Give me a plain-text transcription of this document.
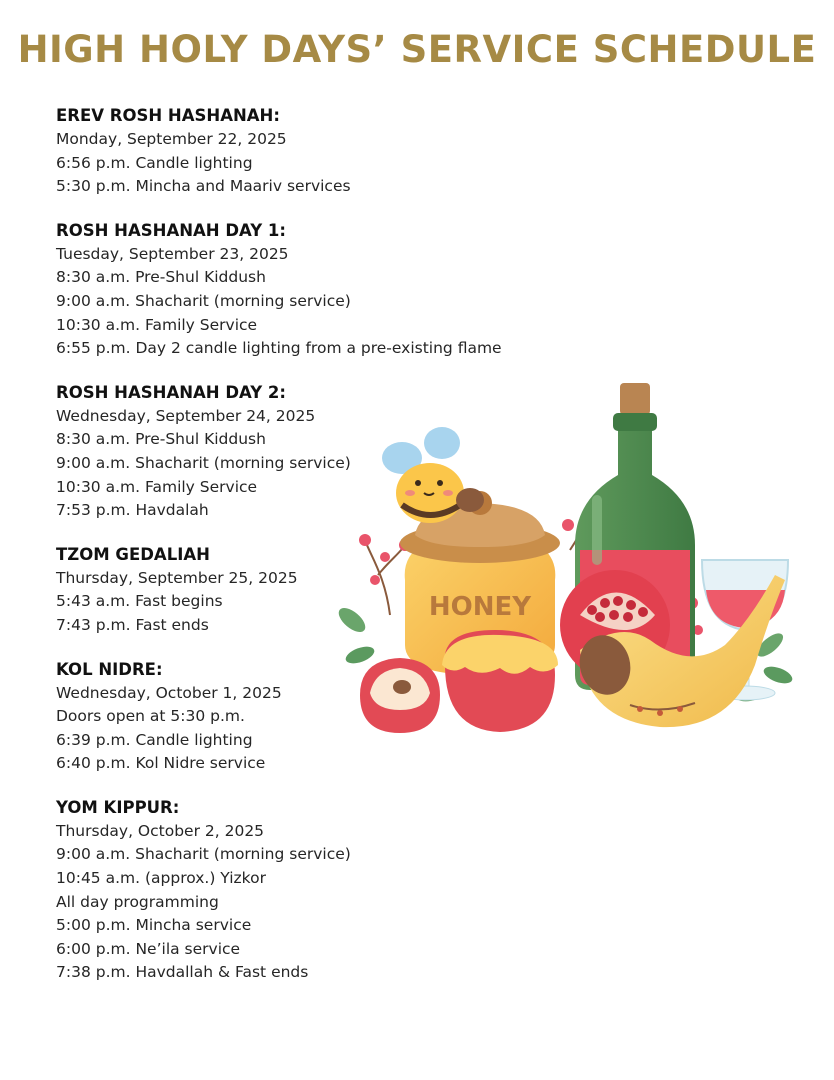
HIGH HOLY DAYS’ SERVICE SCHEDULE
EREV ROSH HASHANAH:
Monday, September 22, 2025
6:56 p.m. Candle lighting
5:30 p.m. Mincha and Maariv services
ROSH HASHANAH DAY 1:
Tuesday, September 23, 2025
8:30 a.m. Pre-Shul Kiddush
9:00 a.m. Shacharit (morning service)
10:30 a.m. Family Service
6:55 p.m. Day 2 candle lighting from a pre-existing flame
ROSH HASHANAH DAY 2:
Wednesday, September 24, 2025
8:30 a.m. Pre-Shul Kiddush
9:00 a.m. Shacharit (morning service)
10:30 a.m. Family Service
7:53 p.m. Havdalah
TZOM GEDALIAH
Thursday, September 25, 2025
5:43 a.m. Fast begins
7:43 p.m. Fast ends
KOL NIDRE:
Wednesday, October 1, 2025
Doors open at 5:30 p.m.
6:39 p.m. Candle lighting
6:40 p.m. Kol Nidre service
YOM KIPPUR:
Thursday, October 2, 2025
9:00 a.m. Shacharit (morning service)
10:45 a.m. (approx.) Yizkor
All day programming
5:00 p.m. Mincha service
6:00 p.m. Ne’ila service
7:38 p.m. Havdallah & Fast ends
HONEY
